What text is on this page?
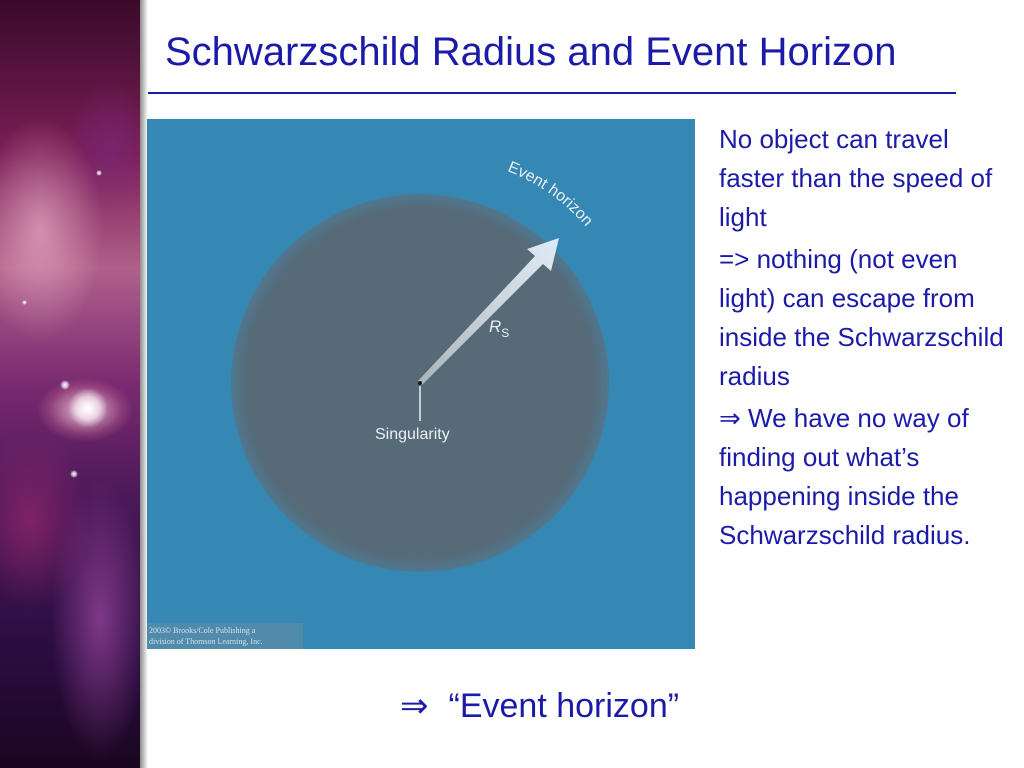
Schwarzschild Radius and Event Horizon
Singularity
$R_S$
Event horizon
2003© Brooks/Cole Publishing a
division of Thomson Learning, Inc.

No object can travel faster than the speed of light

=> nothing (not even light) can escape from inside the Schwarzschild radius

⇒ We have no way of finding out what’s happening inside the Schwarzschild radius.

⇒ “Event horizon”
